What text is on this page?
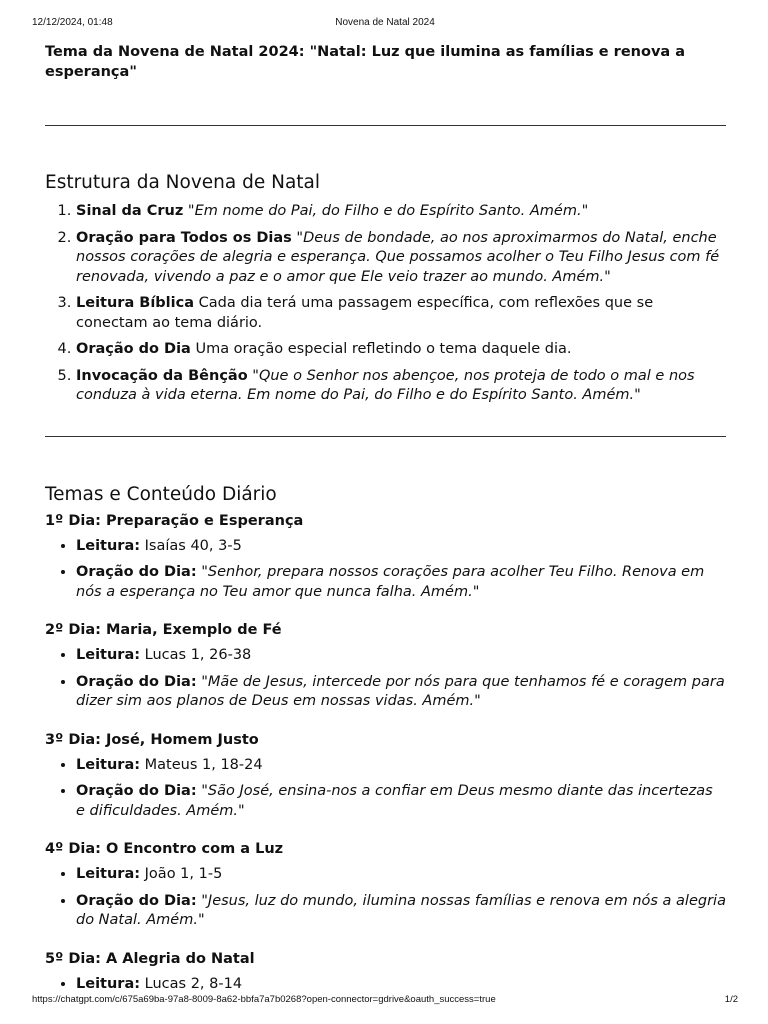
12/12/2024, 01:48	Novena de Natal 2024

Tema da Novena de Natal 2024: "Natal: Luz que ilumina as famílias e renova a esperança"

Estrutura da Novena de Natal
1. Sinal da Cruz "Em nome do Pai, do Filho e do Espírito Santo. Amém."
2. Oração para Todos os Dias "Deus de bondade, ao nos aproximarmos do Natal, enche nossos corações de alegria e esperança. Que possamos acolher o Teu Filho Jesus com fé renovada, vivendo a paz e o amor que Ele veio trazer ao mundo. Amém."
3. Leitura Bíblica Cada dia terá uma passagem específica, com reflexões que se conectam ao tema diário.
4. Oração do Dia Uma oração especial refletindo o tema daquele dia.
5. Invocação da Bênção "Que o Senhor nos abençoe, nos proteja de todo o mal e nos conduza à vida eterna. Em nome do Pai, do Filho e do Espírito Santo. Amém."
Temas e Conteúdo Diário

1º Dia: Preparação e Esperança

• Leitura: Isaías 40, 3-5
• Oração do Dia: "Senhor, prepara nossos corações para acolher Teu Filho. Renova em nós a esperança no Teu amor que nunca falha. Amém."

2º Dia: Maria, Exemplo de Fé

• Leitura: Lucas 1, 26-38
• Oração do Dia: "Mãe de Jesus, intercede por nós para que tenhamos fé e coragem para dizer sim aos planos de Deus em nossas vidas. Amém."

3º Dia: José, Homem Justo

• Leitura: Mateus 1, 18-24
• Oração do Dia: "São José, ensina-nos a confiar em Deus mesmo diante das incertezas e dificuldades. Amém."

4º Dia: O Encontro com a Luz

• Leitura: João 1, 1-5
• Oração do Dia: "Jesus, luz do mundo, ilumina nossas famílias e renova em nós a alegria do Natal. Amém."

5º Dia: A Alegria do Natal

• Leitura: Lucas 2, 8-14
https://chatgpt.com/c/675a69ba-97a8-8009-8a62-bbfa7a7b0268?open-connector=gdrive&oauth_success=true	1/2
